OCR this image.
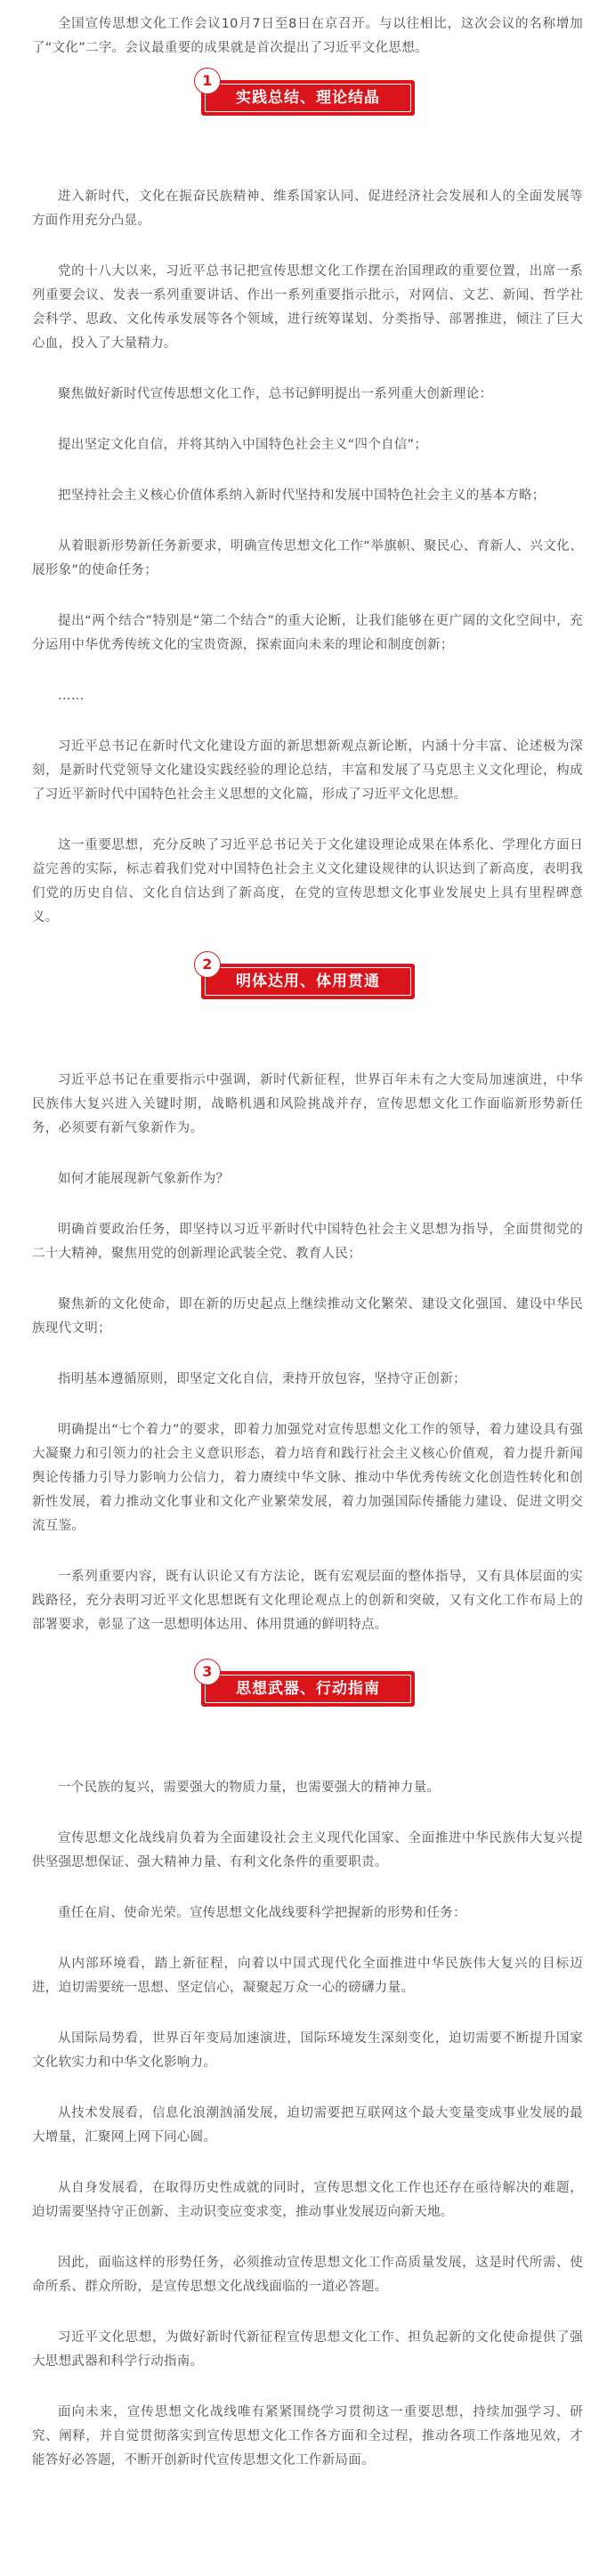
全国宣传思想文化工作会议10月7日至8日在京召开。与以往相比，这次会议的名称增加了“文化”二字。会议最重要的成果就是首次提出了习近平文化思想。

实践总结、理论结晶
1

进入新时代，文化在振奋民族精神、维系国家认同、促进经济社会发展和人的全面发展等方面作用充分凸显。

党的十八大以来，习近平总书记把宣传思想文化工作摆在治国理政的重要位置，出席一系列重要会议、发表一系列重要讲话、作出一系列重要指示批示，对网信、文艺、新闻、哲学社会科学、思政、文化传承发展等各个领域，进行统筹谋划、分类指导、部署推进，倾注了巨大心血，投入了大量精力。

聚焦做好新时代宣传思想文化工作，总书记鲜明提出一系列重大创新理论：

提出坚定文化自信，并将其纳入中国特色社会主义“四个自信”；

把坚持社会主义核心价值体系纳入新时代坚持和发展中国特色社会主义的基本方略；

从着眼新形势新任务新要求，明确宣传思想文化工作“举旗帜、聚民心、育新人、兴文化、展形象”的使命任务；

提出“两个结合”特别是“第二个结合”的重大论断，让我们能够在更广阔的文化空间中，充分运用中华优秀传统文化的宝贵资源，探索面向未来的理论和制度创新；

……

习近平总书记在新时代文化建设方面的新思想新观点新论断，内涵十分丰富、论述极为深刻，是新时代党领导文化建设实践经验的理论总结，丰富和发展了马克思主义文化理论，构成了习近平新时代中国特色社会主义思想的文化篇，形成了习近平文化思想。

这一重要思想，充分反映了习近平总书记关于文化建设理论成果在体系化、学理化方面日益完善的实际，标志着我们党对中国特色社会主义文化建设规律的认识达到了新高度，表明我们党的历史自信、文化自信达到了新高度，在党的宣传思想文化事业发展史上具有里程碑意义。

明体达用、体用贯通
2

习近平总书记在重要指示中强调，新时代新征程，世界百年未有之大变局加速演进，中华民族伟大复兴进入关键时期，战略机遇和风险挑战并存，宣传思想文化工作面临新形势新任务，必须要有新气象新作为。

如何才能展现新气象新作为？

明确首要政治任务，即坚持以习近平新时代中国特色社会主义思想为指导，全面贯彻党的二十大精神，聚焦用党的创新理论武装全党、教育人民；

聚焦新的文化使命，即在新的历史起点上继续推动文化繁荣、建设文化强国、建设中华民族现代文明；

指明基本遵循原则，即坚定文化自信，秉持开放包容，坚持守正创新；

明确提出“七个着力”的要求，即着力加强党对宣传思想文化工作的领导，着力建设具有强大凝聚力和引领力的社会主义意识形态，着力培育和践行社会主义核心价值观，着力提升新闻舆论传播力引导力影响力公信力，着力赓续中华文脉、推动中华优秀传统文化创造性转化和创新性发展，着力推动文化事业和文化产业繁荣发展，着力加强国际传播能力建设、促进文明交流互鉴。

一系列重要内容，既有认识论又有方法论，既有宏观层面的整体指导，又有具体层面的实践路径，充分表明习近平文化思想既有文化理论观点上的创新和突破，又有文化工作布局上的部署要求，彰显了这一思想明体达用、体用贯通的鲜明特点。

思想武器、行动指南
3

一个民族的复兴，需要强大的物质力量，也需要强大的精神力量。

宣传思想文化战线肩负着为全面建设社会主义现代化国家、全面推进中华民族伟大复兴提供坚强思想保证、强大精神力量、有利文化条件的重要职责。

重任在肩、使命光荣。宣传思想文化战线要科学把握新的形势和任务：

从内部环境看，踏上新征程，向着以中国式现代化全面推进中华民族伟大复兴的目标迈进，迫切需要统一思想、坚定信心，凝聚起万众一心的磅礴力量。

从国际局势看，世界百年变局加速演进，国际环境发生深刻变化，迫切需要不断提升国家文化软实力和中华文化影响力。

从技术发展看，信息化浪潮汹涌发展，迫切需要把互联网这个最大变量变成事业发展的最大增量，汇聚网上网下同心圆。

从自身发展看，在取得历史性成就的同时，宣传思想文化工作也还存在亟待解决的难题，迫切需要坚持守正创新、主动识变应变求变，推动事业发展迈向新天地。

因此，面临这样的形势任务，必须推动宣传思想文化工作高质量发展，这是时代所需、使命所系、群众所盼，是宣传思想文化战线面临的一道必答题。

习近平文化思想，为做好新时代新征程宣传思想文化工作、担负起新的文化使命提供了强大思想武器和科学行动指南。

面向未来，宣传思想文化战线唯有紧紧围绕学习贯彻这一重要思想，持续加强学习、研究、阐释，并自觉贯彻落实到宣传思想文化工作各方面和全过程，推动各项工作落地见效，才能答好必答题，不断开创新时代宣传思想文化工作新局面。
